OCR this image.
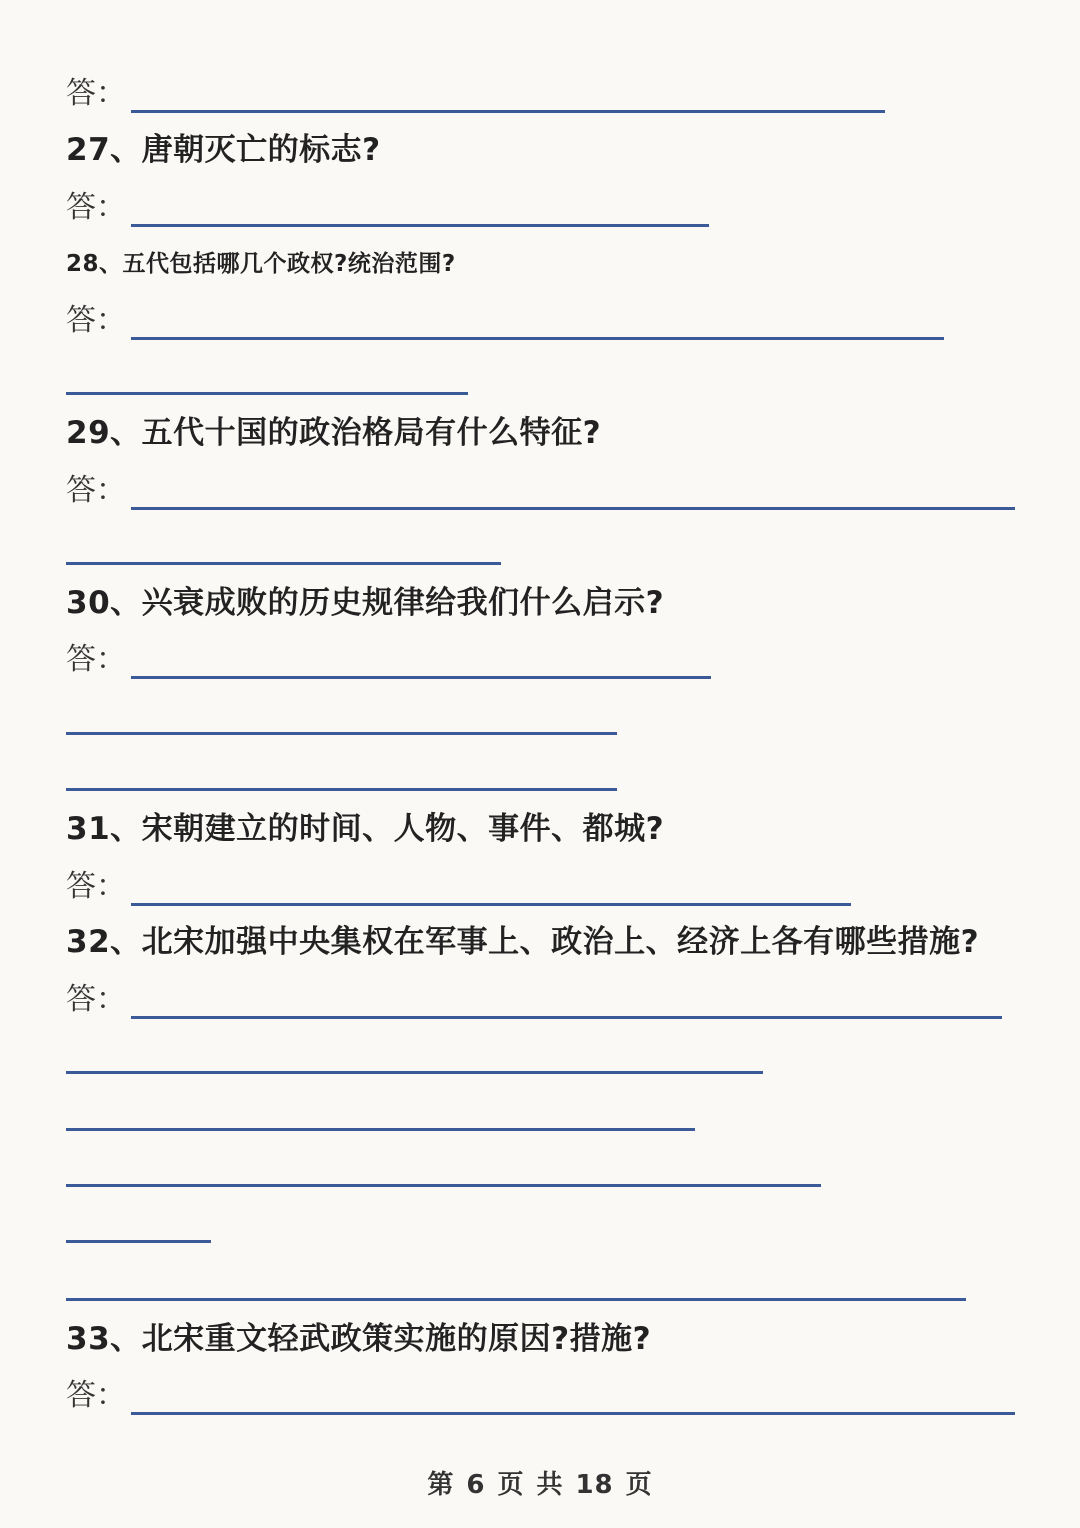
答：
27、唐朝灭亡的标志?
答：
28、五代包括哪几个政权?统治范围?
答：
29、五代十国的政治格局有什么特征?
答：
30、兴衰成败的历史规律给我们什么启示?
答：
31、宋朝建立的时间、人物、事件、都城?
答：
32、北宋加强中央集权在军事上、政治上、经济上各有哪些措施?
答：
33、北宋重文轻武政策实施的原因?措施?
答：
第 6 页 共 18 页
